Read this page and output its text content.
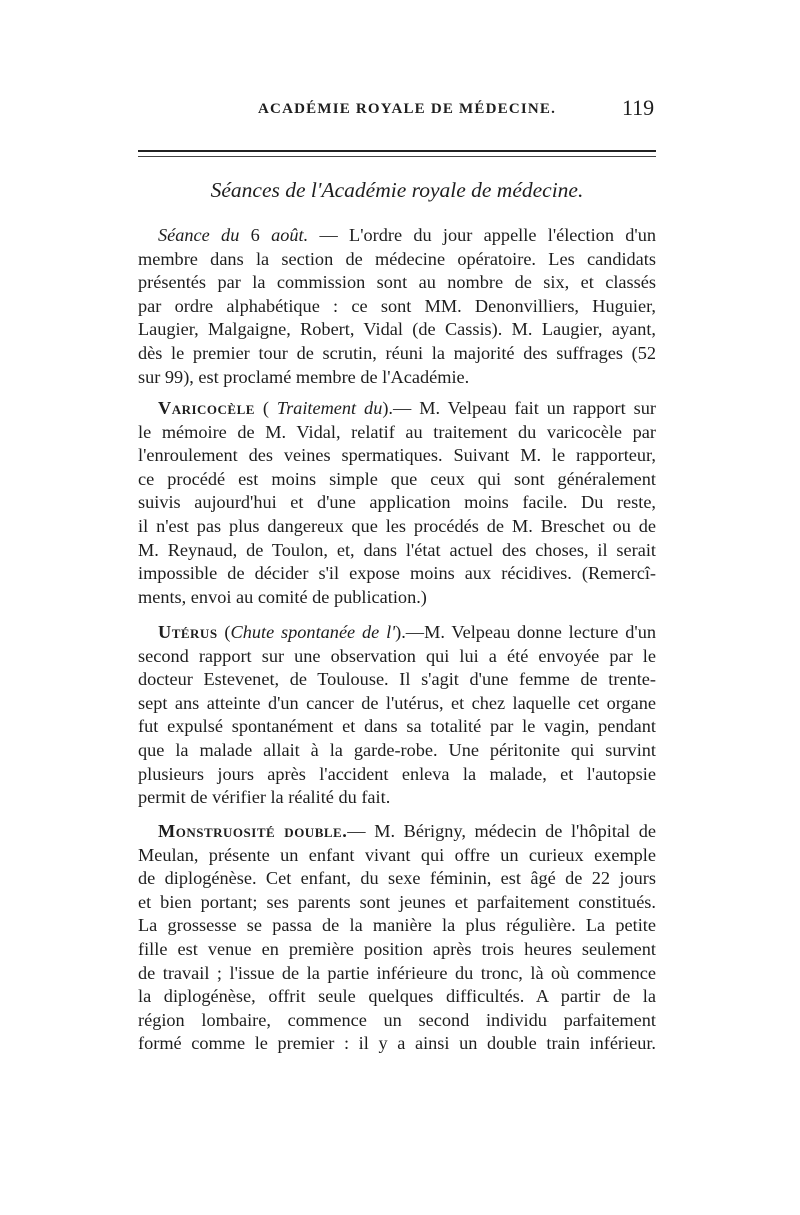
ACADÉMIE ROYALE DE MÉDECINE.	119
Séances de l'Académie royale de médecine.
Séance du 6 août. — L'ordre du jour appelle l'élection d'un
membre dans la section de médecine opératoire. Les candidats
présentés par la commission sont au nombre de six, et classés
par ordre alphabétique : ce sont MM. Denonvilliers, Huguier,
Laugier, Malgaigne, Robert, Vidal (de Cassis). M. Laugier, ayant,
dès le premier tour de scrutin, réuni la majorité des suffrages (52
sur 99), est proclamé membre de l'Académie.
Varicocèle ( Traitement du).— M. Velpeau fait un rapport sur
le mémoire de M. Vidal, relatif au traitement du varicocèle par
l'enroulement des veines spermatiques. Suivant M. le rapporteur,
ce procédé est moins simple que ceux qui sont généralement
suivis aujourd'hui et d'une application moins facile. Du reste,
il n'est pas plus dangereux que les procédés de M. Breschet ou de
M. Reynaud, de Toulon, et, dans l'état actuel des choses, il serait
impossible de décider s'il expose moins aux récidives. (Remercî-
ments, envoi au comité de publication.)
Utérus (Chute spontanée de l').—M. Velpeau donne lecture d'un
second rapport sur une observation qui lui a été envoyée par le
docteur Estevenet, de Toulouse. Il s'agit d'une femme de trente-
sept ans atteinte d'un cancer de l'utérus, et chez laquelle cet organe
fut expulsé spontanément et dans sa totalité par le vagin, pendant
que la malade allait à la garde-robe. Une péritonite qui survint
plusieurs jours après l'accident enleva la malade, et l'autopsie
permit de vérifier la réalité du fait.
Monstruosité double.— M. Bérigny, médecin de l'hôpital de
Meulan, présente un enfant vivant qui offre un curieux exemple
de diplogénèse. Cet enfant, du sexe féminin, est âgé de 22 jours
et bien portant; ses parents sont jeunes et parfaitement constitués.
La grossesse se passa de la manière la plus régulière. La petite
fille est venue en première position après trois heures seulement
de travail ; l'issue de la partie inférieure du tronc, là où commence
la diplogénèse, offrit seule quelques difficultés. A partir de la
région lombaire, commence un second individu parfaitement
formé comme le premier : il y a ainsi un double train inférieur.
